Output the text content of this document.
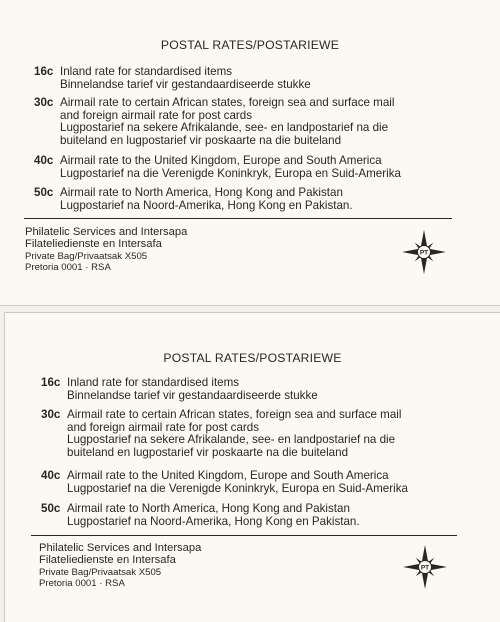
POSTAL RATES/POSTARIEWE
16c Inland rate for standardised items
Binnelandse tarief vir gestandaardiseerde stukke
30c Airmail rate to certain African states, foreign sea and surface mail
and foreign airmail rate for post cards
Lugpostarief na sekere Afrikalande, see- en landpostarief na die
buiteland en lugpostarief vir poskaarte na die buiteland
40c Airmail rate to the United Kingdom, Europe and South America
Lugpostarief na die Verenigde Koninkryk, Europa en Suid-Amerika
50c Airmail rate to North America, Hong Kong and Pakistan
Lugpostarief na Noord-Amerika, Hong Kong en Pakistan.
Philatelic Services and Intersapa
Filateliedienste en Intersafa
Private Bag/Privaatsak X505
Pretoria 0001 · RSA
PT
POSTAL RATES/POSTARIEWE
16c Inland rate for standardised items
Binnelandse tarief vir gestandaardiseerde stukke
30c Airmail rate to certain African states, foreign sea and surface mail
and foreign airmail rate for post cards
Lugpostarief na sekere Afrikalande, see- en landpostarief na die
buiteland en lugpostarief vir poskaarte na die buiteland
40c Airmail rate to the United Kingdom, Europe and South America
Lugpostarief na die Verenigde Koninkryk, Europa en Suid-Amerika
50c Airmail rate to North America, Hong Kong and Pakistan
Lugpostarief na Noord-Amerika, Hong Kong en Pakistan.
Philatelic Services and Intersapa
Filateliedienste en Intersafa
Private Bag/Privaatsak X505
Pretoria 0001 · RSA
PT
